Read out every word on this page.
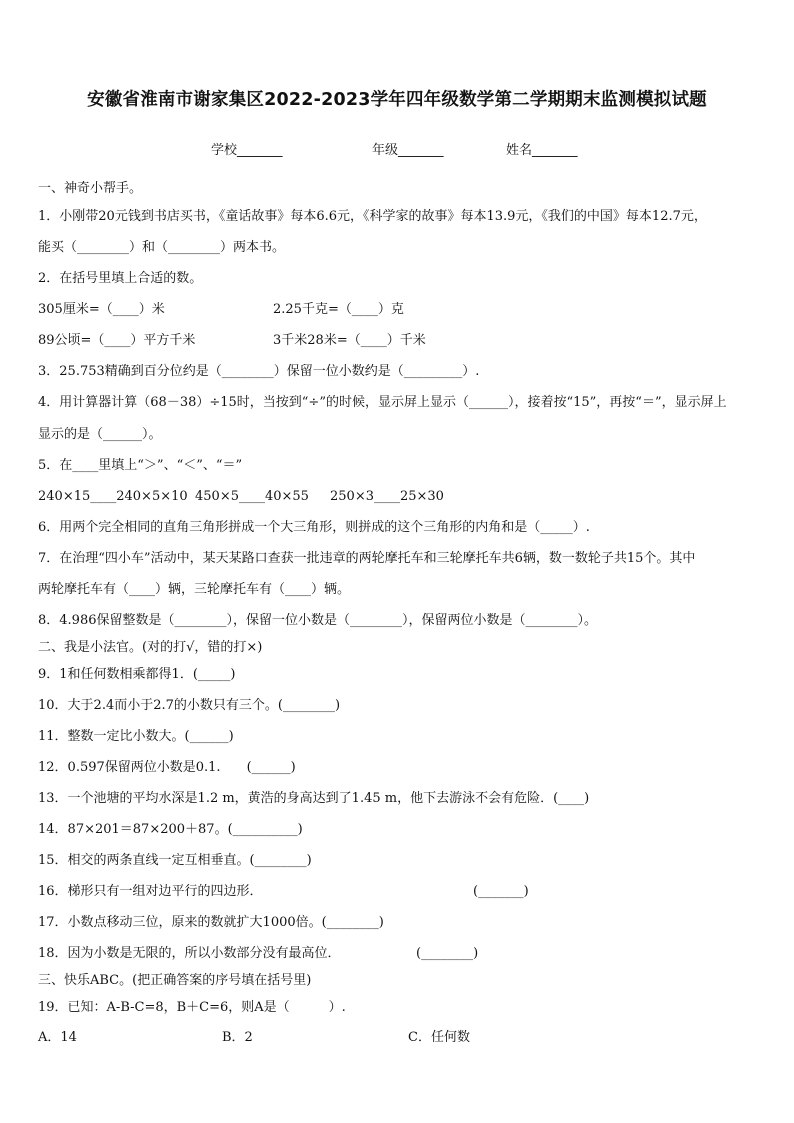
安徽省淮南市谢家集区2022-2023学年四年级数学第二学期期末监测模拟试题
学校_______	年级_______	姓名_______
一、神奇小帮手。
1．小刚带20元钱到书店买书，《童话故事》每本6.6元，《科学家的故事》每本13.9元，《我们的中国》每本12.7元，
能买（________）和（________）两本书。
2．在括号里填上合适的数。
305厘米=（____）米	2.25千克=（____）克
89公顷=（____）平方千米	3千米28米=（____）千米
3．25.753精确到百分位约是（________）保留一位小数约是（_________）.
4．用计算器计算（68－38）÷15时，当按到“÷”的时候，显示屏上显示（______），接着按“15”，再按“＝”，显示屏上
显示的是（______）。
5．在____里填上“＞”、“＜”、“＝”
240×15____240×5×10 450×5____40×55 250×3____25×30
6．用两个完全相同的直角三角形拼成一个大三角形，则拼成的这个三角形的内角和是（_____）.
7．在治理“四小车”活动中，某天某路口查获一批违章的两轮摩托车和三轮摩托车共6辆，数一数轮子共15个。其中
两轮摩托车有（____）辆，三轮摩托车有（____）辆。
8．4.986保留整数是（________），保留一位小数是（________），保留两位小数是（________）。
二、我是小法官。(对的打√，错的打×)
9．1和任何数相乘都得1．(_____)
10．大于2.4而小于2.7的小数只有三个。(________)
11．整数一定比小数大。(______)
12．0.597保留两位小数是0.1.　　(______)
13．一个池塘的平均水深是1.2 m，黄浩的身高达到了1.45 m，他下去游泳不会有危险．(____)
14．87×201＝87×200＋87。(__________)
15．相交的两条直线一定互相垂直。(________)
16．梯形只有一组对边平行的四边形．	(_______)
17．小数点移动三位，原来的数就扩大1000倍。(________)
18．因为小数是无限的，所以小数部分没有最高位．	(________)
三、快乐ABC。(把正确答案的序号填在括号里)
19．已知：A-B-C=8，B＋C=6，则A是（　　　）.
A．14	B．2	C．任何数
